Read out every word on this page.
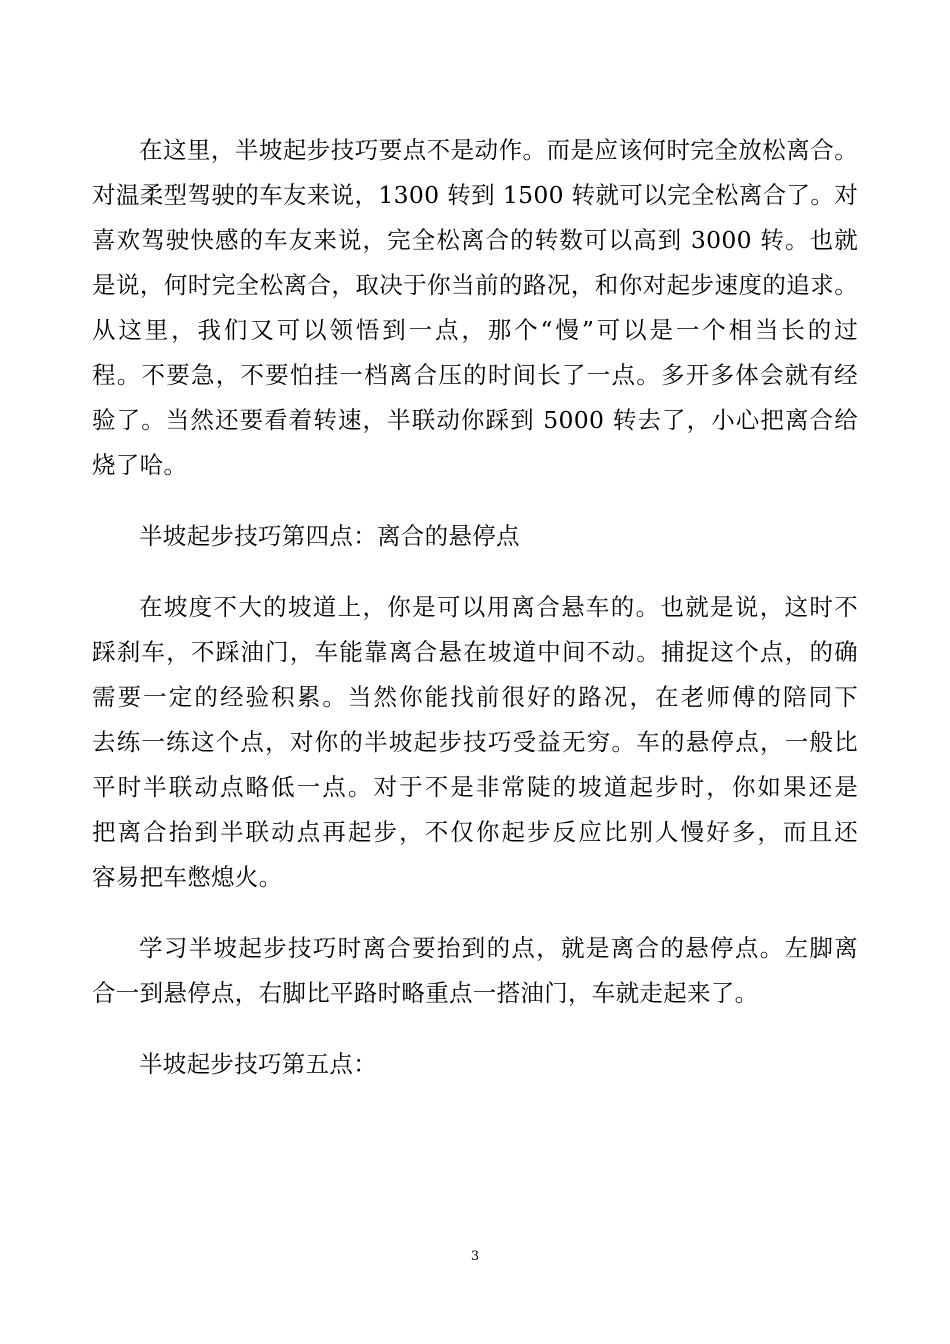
在这里，半坡起步技巧要点不是动作。而是应该何时完全放松离合。
对温柔型驾驶的车友来说，1300 转到 1500 转就可以完全松离合了。对
喜欢驾驶快感的车友来说，完全松离合的转数可以高到 3000 转。也就
是说，何时完全松离合，取决于你当前的路况，和你对起步速度的追求。
从这里，我们又可以领悟到一点，那个“慢”可以是一个相当长的过
程。不要急，不要怕挂一档离合压的时间长了一点。多开多体会就有经
验了。当然还要看着转速，半联动你踩到 5000 转去了，小心把离合给
烧了哈。
半坡起步技巧第四点：离合的悬停点
在坡度不大的坡道上，你是可以用离合悬车的。也就是说，这时不
踩刹车，不踩油门，车能靠离合悬在坡道中间不动。捕捉这个点，的确
需要一定的经验积累。当然你能找前很好的路况，在老师傅的陪同下
去练一练这个点，对你的半坡起步技巧受益无穷。车的悬停点，一般比
平时半联动点略低一点。对于不是非常陡的坡道起步时，你如果还是
把离合抬到半联动点再起步，不仅你起步反应比别人慢好多，而且还
容易把车憋熄火。
学习半坡起步技巧时离合要抬到的点，就是离合的悬停点。左脚离
合一到悬停点，右脚比平路时略重点一搭油门，车就走起来了。
半坡起步技巧第五点：
3
